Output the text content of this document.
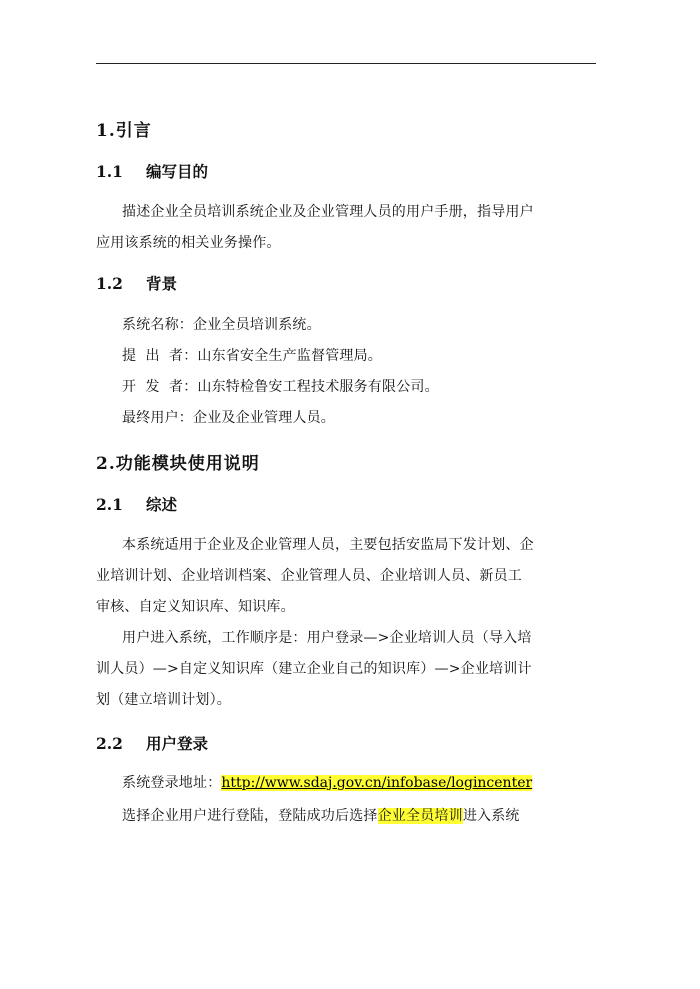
1.引言
1.1 编写目的
描述企业全员培训系统企业及企业管理人员的用户手册，指导用户
应用该系统的相关业务操作。
1.2 背景
系统名称：企业全员培训系统。
提  出  者：山东省安全生产监督管理局。
开  发  者：山东特检鲁安工程技术服务有限公司。
最终用户：企业及企业管理人员。
2.功能模块使用说明
2.1 综述
本系统适用于企业及企业管理人员，主要包括安监局下发计划、企
业培训计划、企业培训档案、企业管理人员、企业培训人员、新员工
审核、自定义知识库、知识库。
用户进入系统，工作顺序是：用户登录—>企业培训人员（导入培
训人员）—>自定义知识库（建立企业自己的知识库）—>企业培训计
划（建立培训计划）。
2.2 用户登录
系统登录地址：http://www.sdaj.gov.cn/infobase/logincenter
选择企业用户进行登陆，登陆成功后选择企业全员培训进入系统
